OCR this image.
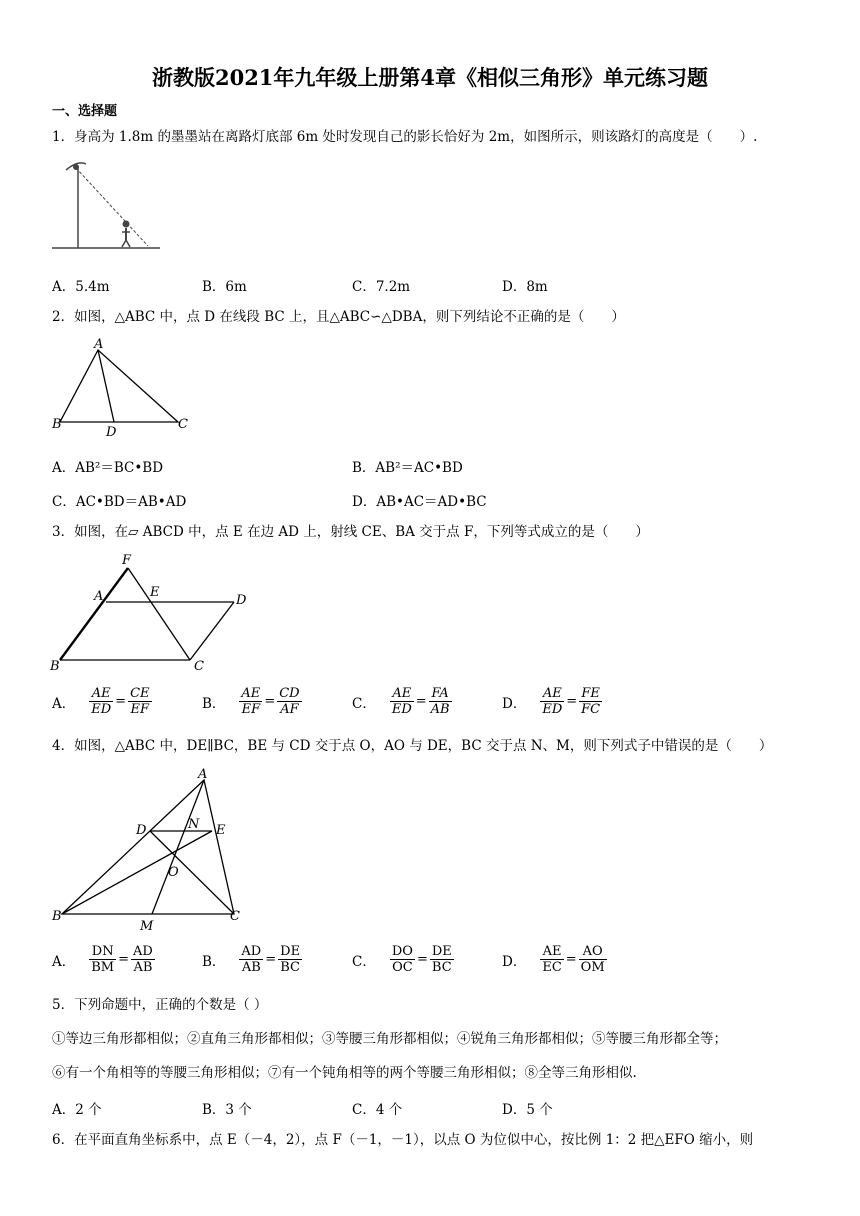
浙教版2021年九年级上册第4章《相似三角形》单元练习题
一、选择题
1．身高为 1.8m 的墨墨站在离路灯底部 6m 处时发现自己的影长恰好为 2m，如图所示，则该路灯的高度是（　　）.
A．5.4m	B．6m	C．7.2m	D．8m
2．如图，△ABC 中，点 D 在线段 BC 上，且△ABC∽△DBA，则下列结论不正确的是（　　）
A
B	C
D
A．AB²＝BC•BD	B．AB²＝AC•BD
C．AC•BD＝AB•AD	D．AB•AC＝AD•BC
3．如图，在▱ ABCD 中，点 E 在边 AD 上，射线 CE、BA 交于点 F，下列等式成立的是（　　）
F
A	E
D
B	C
A． $\frac{AE}{ED} = \frac{CE}{EF}$	B． $\frac{AE}{EF} = \frac{CD}{AF}$	C． $\frac{AE}{ED} = \frac{FA}{AB}$	D． $\frac{AE}{ED} = \frac{FE}{FC}$
4．如图，△ABC 中，DE∥BC，BE 与 CD 交于点 O，AO 与 DE，BC 交于点 N、M，则下列式子中错误的是（　　）
A
D	N E
O
B
M
C
A． $\frac{DN}{BM} = \frac{AD}{AB}$	B． $\frac{AD}{AB} = \frac{DE}{BC}$	C． $\frac{DO}{OC} = \frac{DE}{BC}$	D． $\frac{AE}{EC} = \frac{AO}{OM}$
5．下列命题中，正确的个数是（ ）
①等边三角形都相似；②直角三角形都相似；③等腰三角形都相似；④锐角三角形都相似；⑤等腰三角形都全等；
⑥有一个角相等的等腰三角形相似；⑦有一个钝角相等的两个等腰三角形相似；⑧全等三角形相似.
A．2 个	B．3 个	C．4 个	D．5 个
6．在平面直角坐标系中，点 E（－4，2），点 F（－1，－1），以点 O 为位似中心，按比例 1：2 把△EFO 缩小，则
